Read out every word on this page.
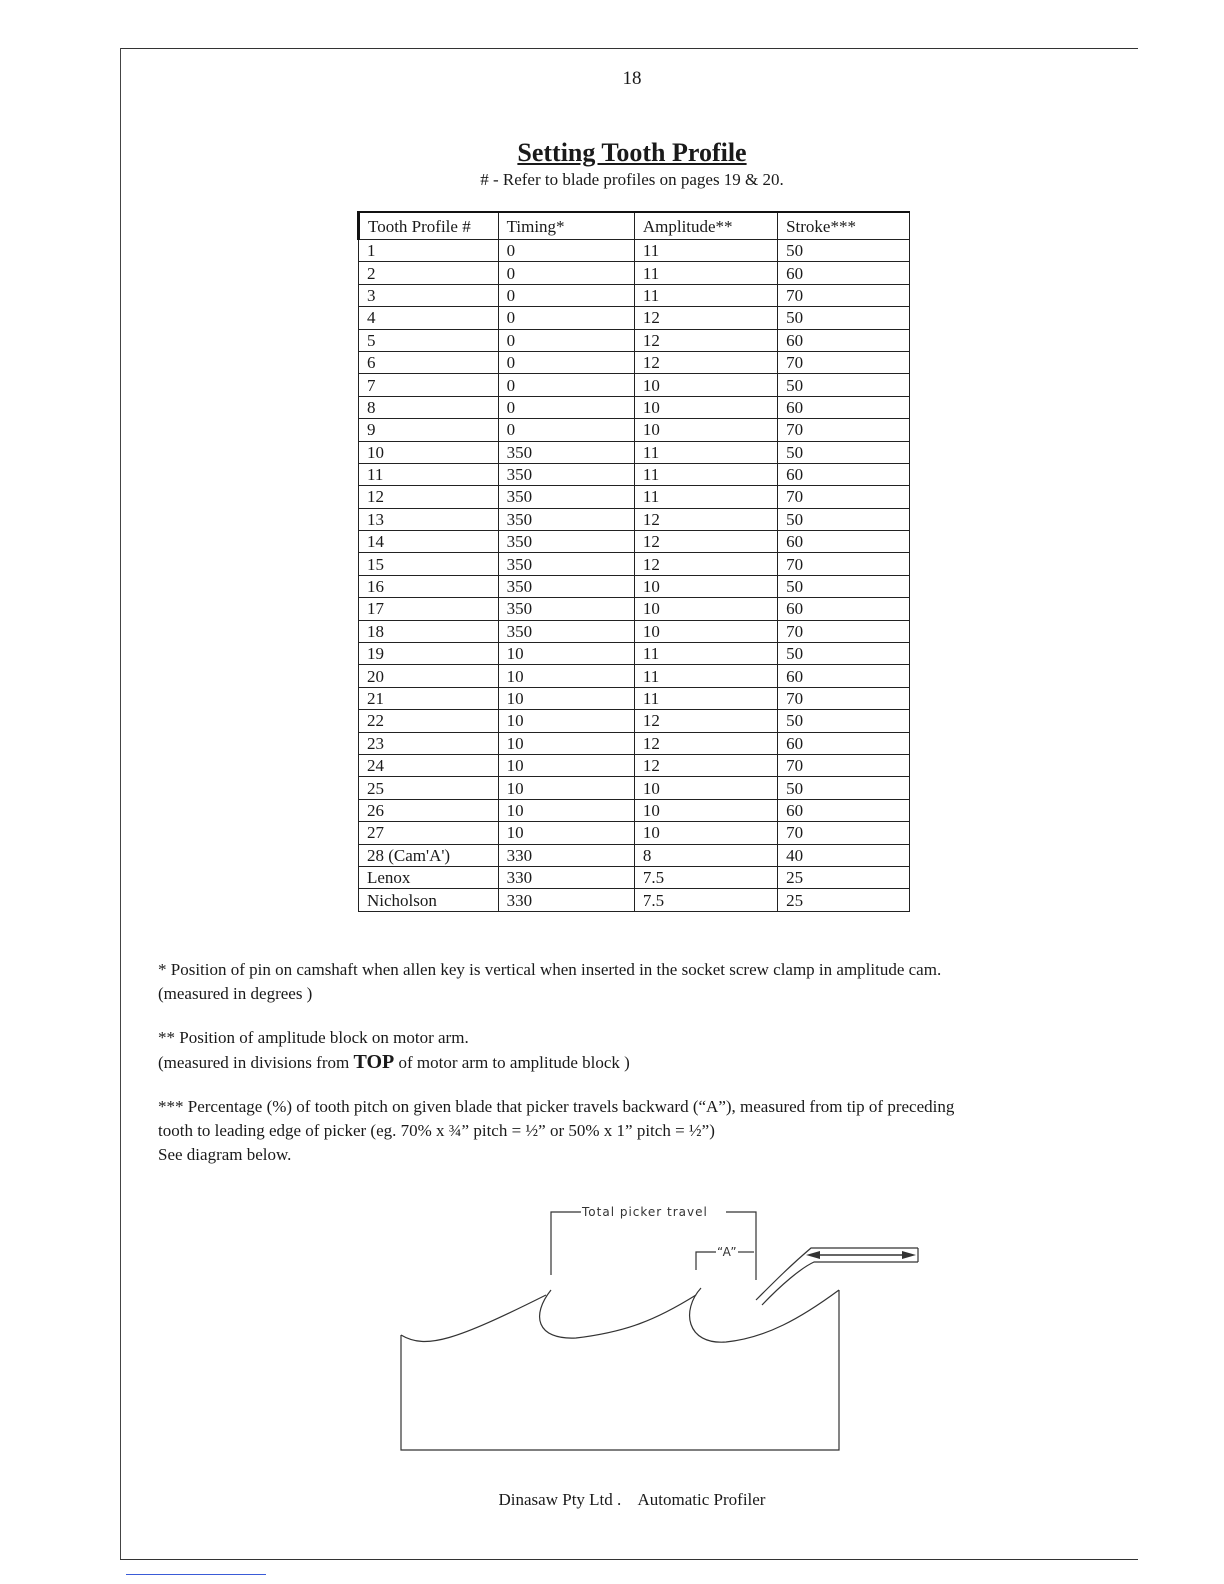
18
Setting Tooth Profile
# - Refer to blade profiles on pages 19 & 20.
Tooth Profile #	Timing*	Amplitude**	Stroke***
1	0	11	50
2	0	11	60
3	0	11	70
4	0	12	50
5	0	12	60
6	0	12	70
7	0	10	50
8	0	10	60
9	0	10	70
10	350	11	50
11	350	11	60
12	350	11	70
13	350	12	50
14	350	12	60
15	350	12	70
16	350	10	50
17	350	10	60
18	350	10	70
19	10	11	50
20	10	11	60
21	10	11	70
22	10	12	50
23	10	12	60
24	10	12	70
25	10	10	50
26	10	10	60
27	10	10	70
28 (Cam'A')	330	8	40
Lenox	330	7.5	25
Nicholson	330	7.5	25

* Position of pin on camshaft when allen key is vertical when inserted in the socket screw clamp in amplitude cam.
(measured in degrees )

** Position of amplitude block on motor arm.
(measured in divisions from TOP of motor arm to amplitude block )

*** Percentage (%) of tooth pitch on given blade that picker travels backward (“A”), measured from tip of preceding
tooth to leading edge of picker (eg. 70% x ¾” pitch = ½” or 50% x 1” pitch = ½”)
See diagram below.

Total picker travel
“A”
Dinasaw Pty Ltd . Automatic Profiler
